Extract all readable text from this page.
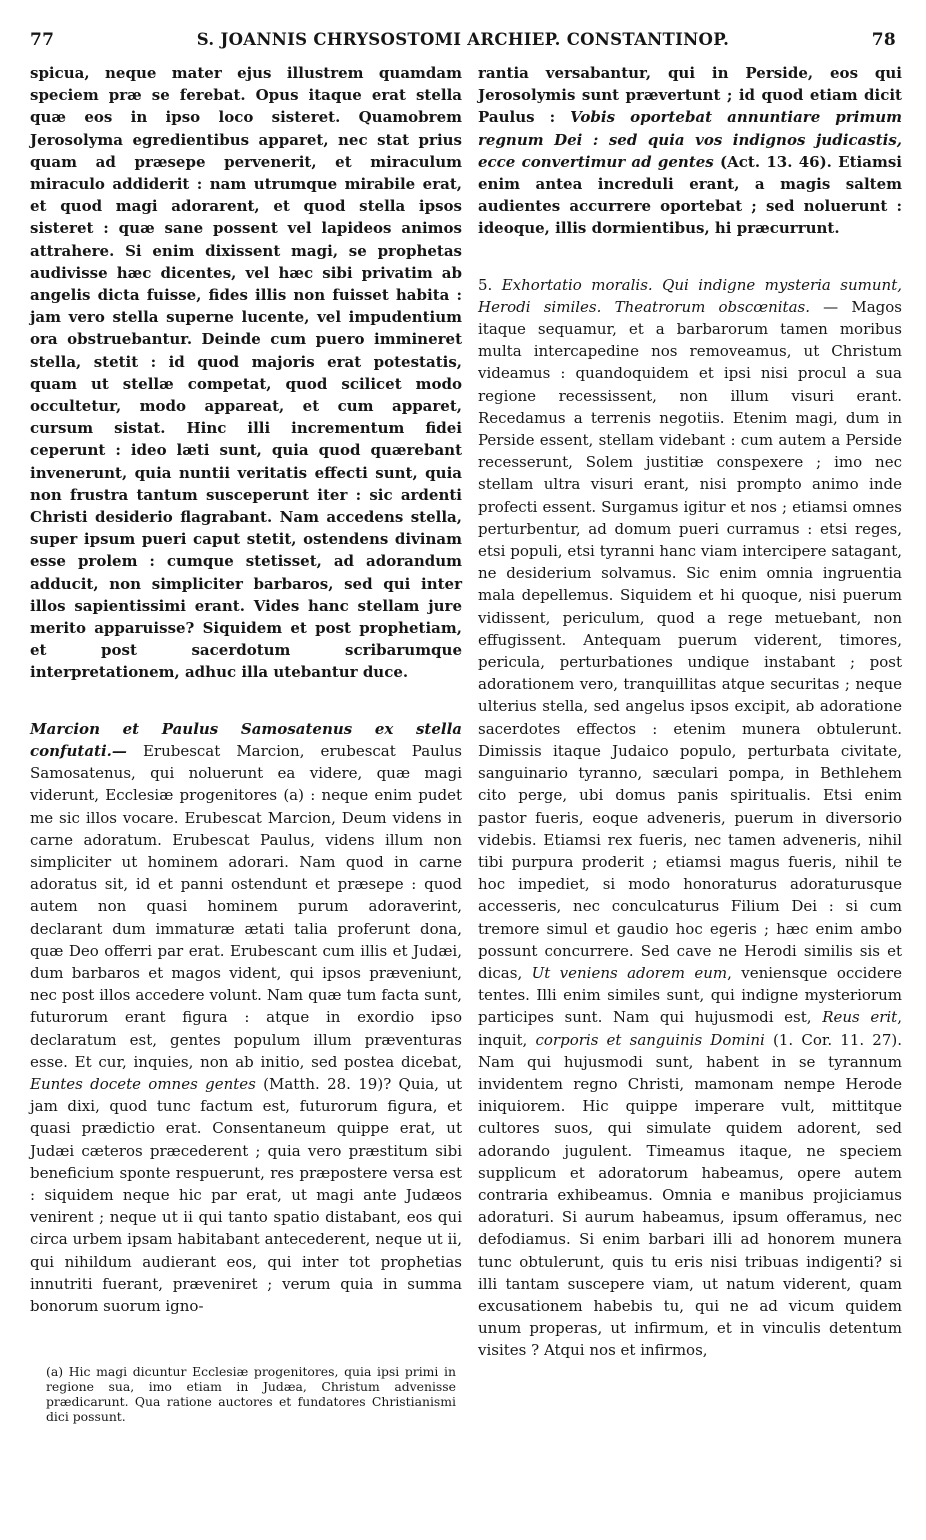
77	S. JOANNIS CHRYSOSTOMI ARCHIEP. CONSTANTINOP.	78

spicua, neque mater ejus illustrem quamdam speciem præ se ferebat. Opus itaque erat stella quæ eos in ipso loco sisteret. Quamobrem Jerosolyma egredientibus apparet, nec stat prius quam ad præsepe pervenerit, et miraculum miraculo addiderit : nam utrumque mirabile erat, et quod magi adorarent, et quod stella ipsos sisteret : quæ sane possent vel lapideos animos attrahere. Si enim dixissent magi, se prophetas audivisse hæc dicentes, vel hæc sibi privatim ab angelis dicta fuisse, fides illis non fuisset habita : jam vero stella superne lucente, vel impudentium ora obstruebantur. Deinde cum puero immineret stella, stetit : id quod majoris erat potestatis, quam ut stellæ competat, quod scilicet modo occultetur, modo appareat, et cum apparet, cursum sistat. Hinc illi incrementum fidei ceperunt : ideo læti sunt, quia quod quærebant invenerunt, quia nuntii veritatis effecti sunt, quia non frustra tantum susceperunt iter : sic ardenti Christi desiderio flagrabant. Nam accedens stella, super ipsum pueri caput stetit, ostendens divinam esse prolem : cumque stetisset, ad adorandum adducit, non simpliciter barbaros, sed qui inter illos sapientissimi erant. Vides hanc stellam jure merito apparuisse? Siquidem et post prophetiam, et post sacerdotum scribarumque interpretationem, adhuc illa utebantur duce.

Marcion et Paulus Samosatenus ex stella confutati.— Erubescat Marcion, erubescat Paulus Samosatenus, qui noluerunt ea videre, quæ magi viderunt, Ecclesiæ progenitores (a) : neque enim pudet me sic illos vocare. Erubescat Marcion, Deum videns in carne adoratum. Erubescat Paulus, videns illum non simpliciter ut hominem adorari. Nam quod in carne adoratus sit, id et panni ostendunt et præsepe : quod autem non quasi hominem purum adoraverint, declarant dum immaturæ ætati talia proferunt dona, quæ Deo offerri par erat. Erubescant cum illis et Judæi, dum barbaros et magos vident, qui ipsos præveniunt, nec post illos accedere volunt. Nam quæ tum facta sunt, futurorum erant figura : atque in exordio ipso declaratum est, gentes populum illum præventuras esse. Et cur, inquies, non ab initio, sed postea dicebat, Euntes docete omnes gentes (Matth. 28. 19)? Quia, ut jam dixi, quod tunc factum est, futurorum figura, et quasi prædictio erat. Consentaneum quippe erat, ut Judæi cæteros præcederent ; quia vero præstitum sibi beneficium sponte respuerunt, res præpostere versa est : siquidem neque hic par erat, ut magi ante Judæos venirent ; neque ut ii qui tanto spatio distabant, eos qui circa urbem ipsam habitabant antecederent, neque ut ii, qui nihildum audierant eos, qui inter tot prophetias innutriti fuerant, præveniret ; verum quia in summa bonorum suorum igno-

(a) Hic magi dicuntur Ecclesiæ progenitores, quia ipsi primi in regione sua, imo etiam in Judæa, Christum advenisse prædicarunt. Qua ratione auctores et fundatores Christianismi dici possunt.

rantia versabantur, qui in Perside, eos qui Jerosolymis sunt prævertunt ; id quod etiam dicit Paulus : Vobis oportebat annuntiare primum regnum Dei : sed quia vos indignos judicastis, ecce convertimur ad gentes (Act. 13. 46). Etiamsi enim antea increduli erant, a magis saltem audientes accurrere oportebat ; sed noluerunt : ideoque, illis dormientibus, hi præcurrunt.

5. Exhortatio moralis. Qui indigne mysteria sumunt, Herodi similes. Theatrorum obscœnitas. — Magos itaque sequamur, et a barbarorum tamen moribus multa intercapedine nos removeamus, ut Christum videamus : quandoquidem et ipsi nisi procul a sua regione recessissent, non illum visuri erant. Recedamus a terrenis negotiis. Etenim magi, dum in Perside essent, stellam videbant : cum autem a Perside recesserunt, Solem justitiæ conspexere ; imo nec stellam ultra visuri erant, nisi prompto animo inde profecti essent. Surgamus igitur et nos ; etiamsi omnes perturbentur, ad domum pueri curramus : etsi reges, etsi populi, etsi tyranni hanc viam intercipere satagant, ne desiderium solvamus. Sic enim omnia ingruentia mala depellemus. Siquidem et hi quoque, nisi puerum vidissent, periculum, quod a rege metuebant, non effugissent. Antequam puerum viderent, timores, pericula, perturbationes undique instabant ; post adorationem vero, tranquillitas atque securitas ; neque ulterius stella, sed angelus ipsos excipit, ab adoratione sacerdotes effectos : etenim munera obtulerunt. Dimissis itaque Judaico populo, perturbata civitate, sanguinario tyranno, sæculari pompa, in Bethlehem cito perge, ubi domus panis spiritualis. Etsi enim pastor fueris, eoque adveneris, puerum in diversorio videbis. Etiamsi rex fueris, nec tamen adveneris, nihil tibi purpura proderit ; etiamsi magus fueris, nihil te hoc impediet, si modo honoraturus adoraturusque accesseris, nec conculcaturus Filium Dei : si cum tremore simul et gaudio hoc egeris ; hæc enim ambo possunt concurrere. Sed cave ne Herodi similis sis et dicas, Ut veniens adorem eum, veniensque occidere tentes. Illi enim similes sunt, qui indigne mysteriorum participes sunt. Nam qui hujusmodi est, Reus erit, inquit, corporis et sanguinis Domini (1. Cor. 11. 27). Nam qui hujusmodi sunt, habent in se tyrannum invidentem regno Christi, mamonam nempe Herode iniquiorem. Hic quippe imperare vult, mittitque cultores suos, qui simulate quidem adorent, sed adorando jugulent. Timeamus itaque, ne speciem supplicum et adoratorum habeamus, opere autem contraria exhibeamus. Omnia e manibus projiciamus adoraturi. Si aurum habeamus, ipsum offeramus, nec defodiamus. Si enim barbari illi ad honorem munera tunc obtulerunt, quis tu eris nisi tribuas indigenti? si illi tantam suscepere viam, ut natum viderent, quam excusationem habebis tu, qui ne ad vicum quidem unum properas, ut infirmum, et in vinculis detentum visites ? Atqui nos et infirmos,
